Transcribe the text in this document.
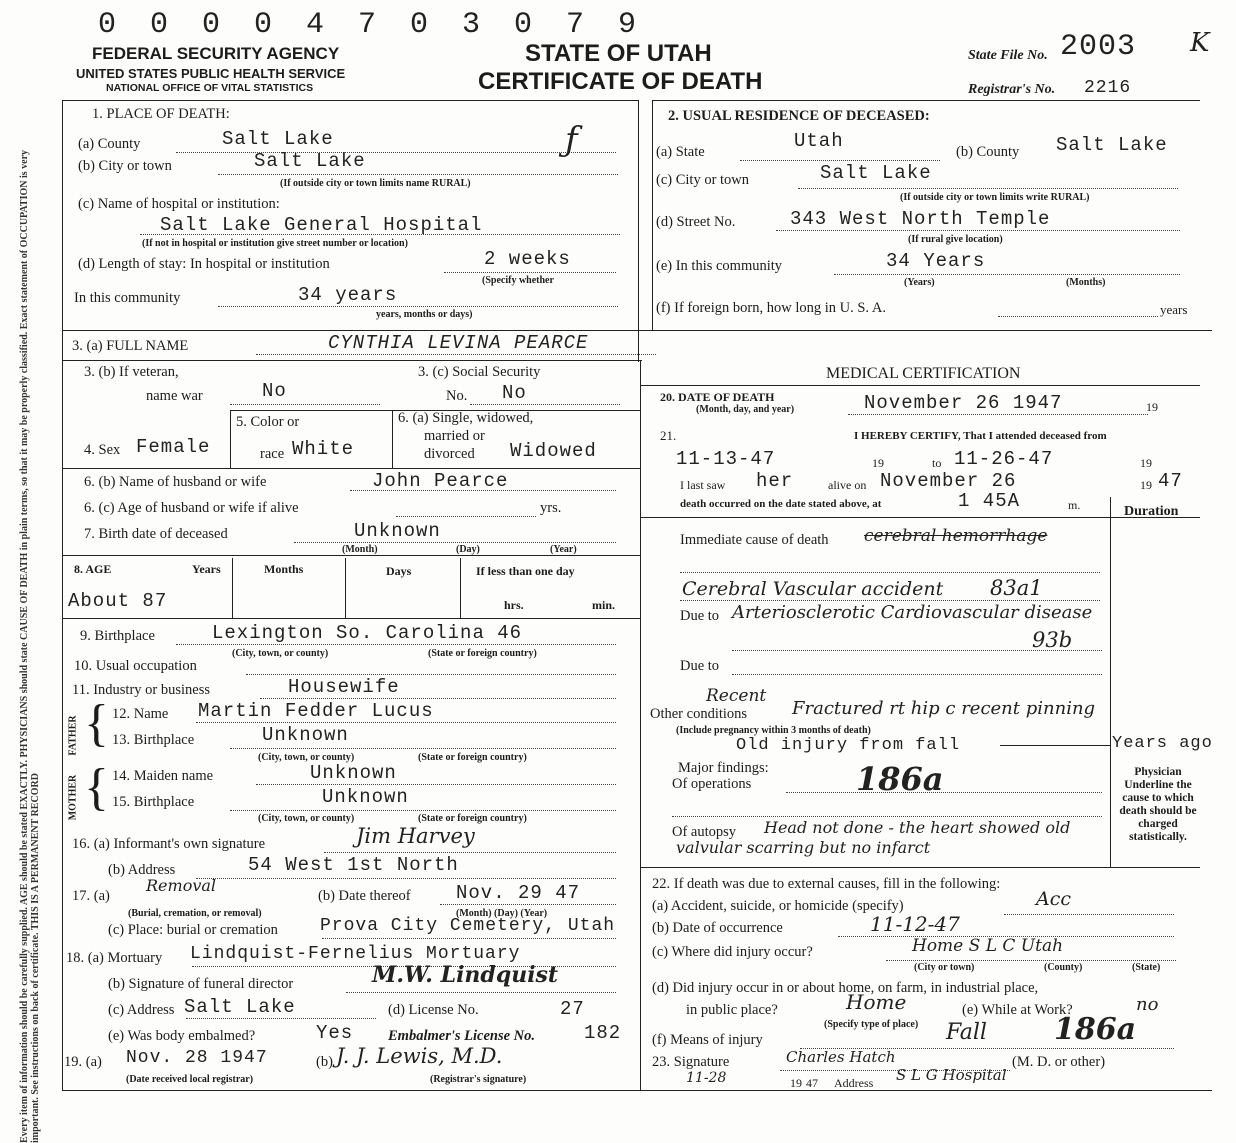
0 0 0 0 4 7 0 3 0 7 9
FEDERAL SECURITY AGENCY
UNITED STATES PUBLIC HEALTH SERVICE
NATIONAL OFFICE OF VITAL STATISTICS
STATE OF UTAH
CERTIFICATE OF DEATH
State File No. 2003 K
Registrar's No. 2216
Every item of information should be carefully supplied. AGE should be stated EXACTLY. PHYSICIANS should state CAUSE OF DEATH in plain terms, so that it may be properly classified. Exact statement of OCCUPATION is very important. See instructions on back of certificate. THIS IS A PERMANENT RECORD
1. PLACE OF DEATH:
(a) County	Salt Lake	ƒ
(b) City or town	Salt Lake
(If outside city or town limits name RURAL)
(c) Name of hospital or institution:
Salt Lake General Hospital
(If not in hospital or institution give street number or location)
(d) Length of stay: In hospital or institution	2 weeks
(Specify whether
In this community	34 years
years, months or days)
2. USUAL RESIDENCE OF DECEASED:
(a) State	Utah	(b) County Salt Lake
(c) City or town	Salt Lake
(If outside city or town limits write RURAL)
(d) Street No.	343 West North Temple
(If rural give location)
(e) In this community	34 Years
(Years)	(Months)
(f) If foreign born, how long in U. S. A.	years
3. (a) FULL NAME	CYNTHIA LEVINA PEARCE
3. (b) If veteran,
name war	No
3. (c) Social Security
No. No
4. Sex Female
5. Color or
race White
6. (a) Single, widowed,
married or
divorced Widowed
6. (b) Name of husband or wife	John Pearce
6. (c) Age of husband or wife if alive	yrs.
7. Birth date of deceased	Unknown
(Month)	(Day)	(Year)
8. AGE	Years	Months	Days	If less than one day
About 87	hrs.	min.
9. Birthplace	Lexington So. Carolina 46
(City, town, or county)	(State or foreign country)
10. Usual occupation
11. Industry or business	Housewife
FATHER { 12. Name Martin Fedder Lucus
13. Birthplace	Unknown
(City, town, or county)	(State or foreign country)
MOTHER { 14. Maiden name	Unknown
15. Birthplace	Unknown
(City, town, or county)	(State or foreign country)
16. (a) Informant's own signature	Jim Harvey
(b) Address	54 West 1st North
17. (a)
Removal
(Burial, cremation, or removal)
(b) Date thereof Nov. 29 47
(Month) (Day) (Year)
(c) Place: burial or cremation Prova City Cemetery, Utah
18. (a) Mortuary Lindquist-Fernelius Mortuary
(b) Signature of funeral director	M.W. Lindquist
(c) Address Salt Lake	(d) License No.	27
(e) Was body embalmed?	Yes Embalmer's License No.	182
19. (a) Nov. 28 1947
(Date received local registrar)
(b) J. J. Lewis, M.D.
(Registrar's signature)
MEDICAL CERTIFICATION
20. DATE OF DEATH
(Month, day, and year)	November 26 1947	19
21.	I HEREBY CERTIFY, That I attended deceased from
11-13-47	19	to 11-26-47	19
I last saw her	alive on November 26	19 47
death occurred on the date stated above, at	1 45A	m.	Duration
Immediate cause of death cerebral hemorrhage
Cerebral Vascular accident 83a1
Due to Arteriosclerotic Cardiovascular disease
93b
Due to
Recent
Other conditions Fractured rt hip c recent pinning
(Include pregnancy within 3 months of death)
Old injury from fall	Years ago
Major findings:
Of operations	186a
Of autopsy	Head not done - the heart showed old valvular scarring but no infarct
Physician Underline the cause to which death should be charged statistically.
22. If death was due to external causes, fill in the following:
(a) Accident, suicide, or homicide (specify)	Acc
(b) Date of occurrence	11-12-47
(c) Where did injury occur?	Home S L C Utah
(City or town)	(County)	(State)
(d) Did injury occur in or about home, on farm, in industrial place,
in public place?	Home
(Specify type of place)
(e) While at Work?	no
(f) Means of injury	Fall 186a
23. Signature	Charles Hatch	(M. D. or other)
11-28	19 47 Address S L G Hospital
